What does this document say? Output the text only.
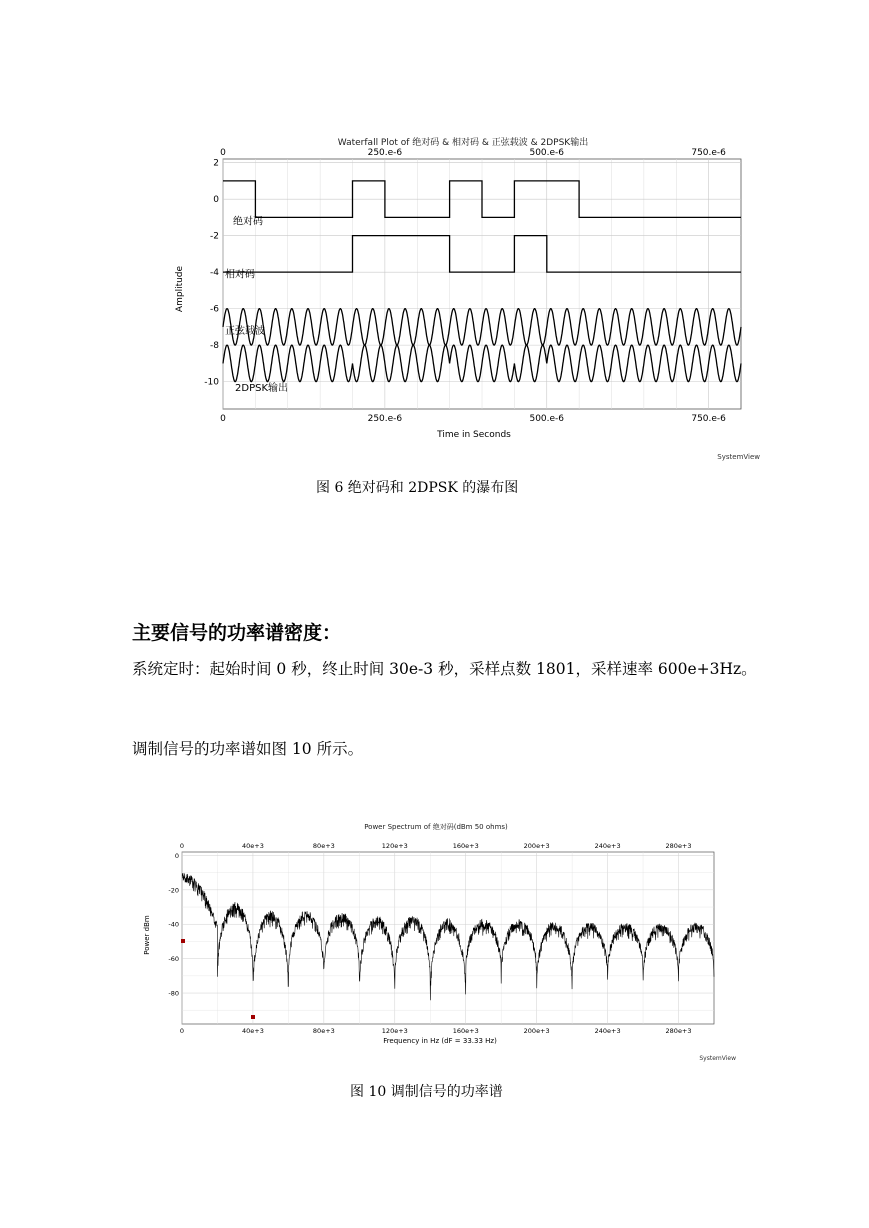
Waterfall Plot of 绝对码 & 相对码 & 正弦载波 & 2DPSK输出
0
0
250.e-6
250.e-6
500.e-6
500.e-6
750.e-6
750.e-6
2
0
-2
-4
-6
-8
-10
绝对码
相对码
正弦载波
2DPSK输出
Amplitude
Time in Seconds
SystemView
图 6 绝对码和 2DPSK 的瀑布图
主要信号的功率谱密度：
系统定时：起始时间 0 秒，终止时间 30e-3 秒，采样点数 1801，采样速率 600e+3Hz。
调制信号的功率谱如图 10 所示。
Power Spectrum of 绝对码(dBm 50 ohms)
0
0
40e+3
40e+3
80e+3
80e+3
120e+3
120e+3
160e+3
160e+3
200e+3
200e+3
240e+3
240e+3
280e+3
280e+3
0
-20
-40
-60
-80
Power dBm
Frequency in Hz (dF = 33.33 Hz)
SystemView
图 10 调制信号的功率谱
